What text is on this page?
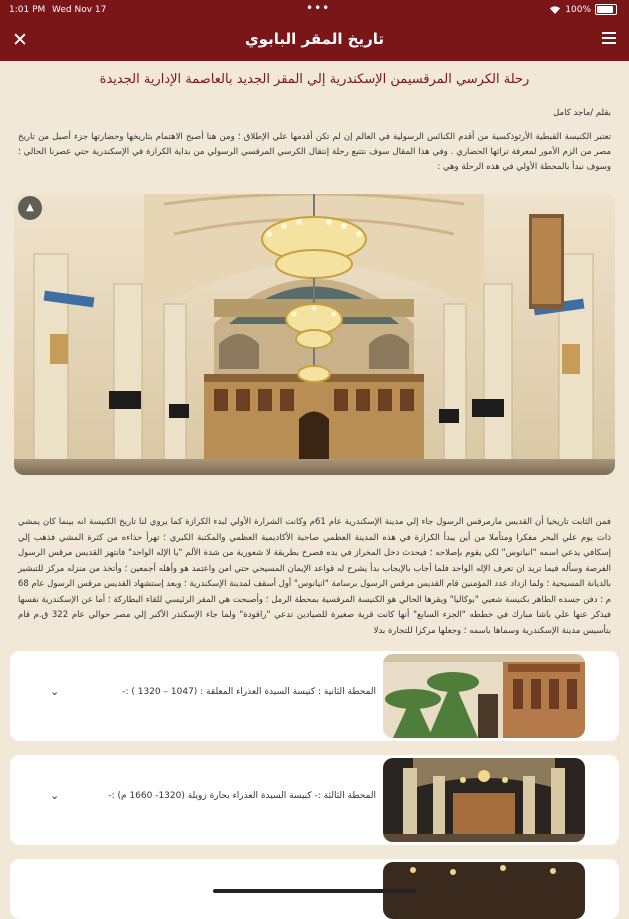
1:01 PM Wed Nov 17	•••	100%
✕	تاريخ المقر البابوي
رحلة الكرسي المرقسيمن الإسكندرية إلي المقر الجديد بالعاصمة الإدارية الجديدة
بقلم /ماجد كامل
تعتبر الكنيسة القبطية الأرثوذكسية من أقدم الكنائس الرسولية في العالم إن لم تكن أقدمها علي الإطلاق ؛ ومن هنا أصبح الاهتمام بتاريخها وحضارتها جزء أصيل من تاريخ مصر من الزم الأمور لمعرفة تراثها الحضاري . وفي هذا المقال سوف نتتبع رحلة إنتقال الكرسي المرقسي الرسولي من بداية الكرازة في الإسكندرية حتي عصرنا الحالي ؛ وسوف نبدأ بالمحطة الأولي في هذه الرحلة وهي :
▲
فمن الثابت تاريخيا أن القديس مارمرقس الرسول جاء إلي مدينة الإسكندرية عام 61م وكانت الشرارة الأولي لبدء الكرازة كما يروي لنا تاريخ الكنيسة انه بينما كان يمشي ذات يوم علي البحر مفكرا ومتأملا من أين يبدأ الكرازة في هذه المدينة العظمي صاحبة الأكاديمية العظمي والمكتبة الكبري ؛ تهرأ حذاءه من كثرة المشي فذهب إلي إسكافي يدعي اسمه "انيانوس" لكي يقوم بإصلاحه ؛ فيحدث دخل المخراز في يده فصرخ بطريقة لا شعورية من شدة الألم "يا الإله الواحد" فانتهز القديس مرقس الرسول الفرصة وسأله فيما تريد ان تعرف الإله الواحد فلما أجاب بالإيجاب بدأ يشرح له قواعد الإيمان المسيحي حتي امن واعتمد هو وأهله أجمعين ؛ وأتخذ من منزله مركز للتبشير بالديانة المسيحية ؛ ولما ازداد عدد المؤمنين قام القديس مرقس الرسول برسامة "انيانوس" أول أسقف لمدينة الإسكندرية ؛ وبعد إستشهاد القديس مرقس الرسول عام 68 م ؛ دفن جسده الطاهر بكنيسة شعبي "بوكاليا" ويقرها الحالي هو الكنيسة المرقسية بمحطة الرمل ؛ وأصبحت هي المقر الرئيسي للقاء البطاركة ؛ أما عن الإسكندرية نفسها فيذكر عنها علي باشا مبارك في خططه "الجزء السابع" أنها كانت قرية صغيرة للصيادين تدعي "راقودة" ولما جاء الإسكندر الأكبر إلي مصر حوالي عام 322 ق.م قام بتأسيس مدينة الإسكندرية وسماها باسمه ؛ وجعلها مركزا للتجارة بدلا
المحطة الثانية : كنيسة السيدة العذراء المعلقة : (1047 – 1320 ) :-
⌄
المحطة الثالثة :- كنيسة السيدة العذراء بحارة زويلة (1320- 1660 م) :-
⌄
